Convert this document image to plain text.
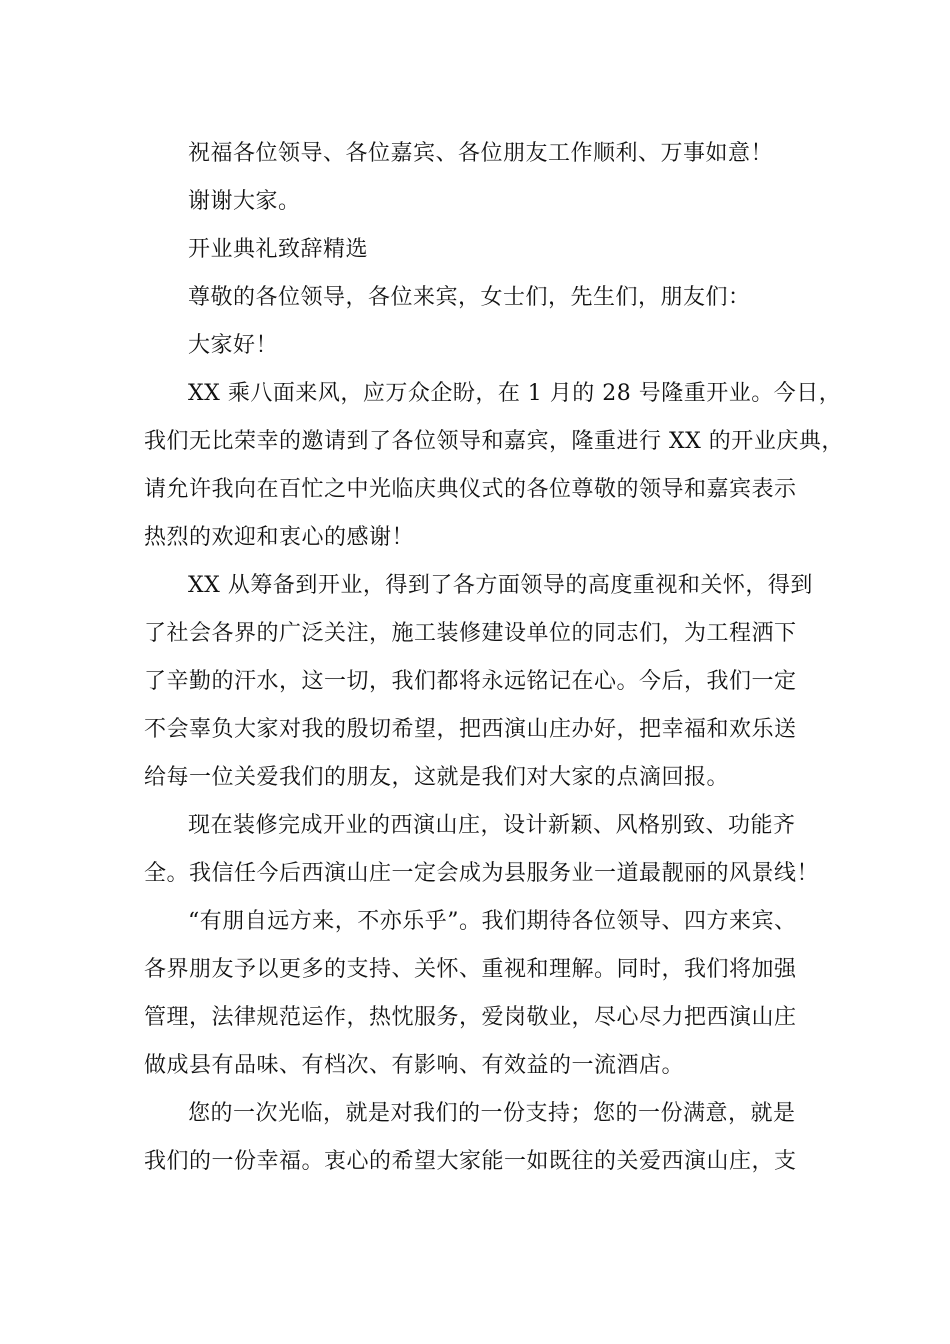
祝福各位领导、各位嘉宾、各位朋友工作顺利、万事如意！
谢谢大家。
开业典礼致辞精选
尊敬的各位领导，各位来宾，女士们，先生们，朋友们：
大家好！
XX 乘八面来风，应万众企盼，在 1 月的 28 号隆重开业。今日，
我们无比荣幸的邀请到了各位领导和嘉宾，隆重进行 XX 的开业庆典，
请允许我向在百忙之中光临庆典仪式的各位尊敬的领导和嘉宾表示
热烈的欢迎和衷心的感谢！
XX 从筹备到开业，得到了各方面领导的高度重视和关怀，得到
了社会各界的广泛关注，施工装修建设单位的同志们，为工程洒下
了辛勤的汗水，这一切，我们都将永远铭记在心。今后，我们一定
不会辜负大家对我的殷切希望，把西演山庄办好，把幸福和欢乐送
给每一位关爱我们的朋友，这就是我们对大家的点滴回报。
现在装修完成开业的西演山庄，设计新颖、风格别致、功能齐
全。我信任今后西演山庄一定会成为县服务业一道最靓丽的风景线！
“有朋自远方来，不亦乐乎”。我们期待各位领导、四方来宾、
各界朋友予以更多的支持、关怀、重视和理解。同时，我们将加强
管理，法律规范运作，热忱服务，爱岗敬业，尽心尽力把西演山庄
做成县有品味、有档次、有影响、有效益的一流酒店。
您的一次光临，就是对我们的一份支持；您的一份满意，就是
我们的一份幸福。衷心的希望大家能一如既往的关爱西演山庄，支
